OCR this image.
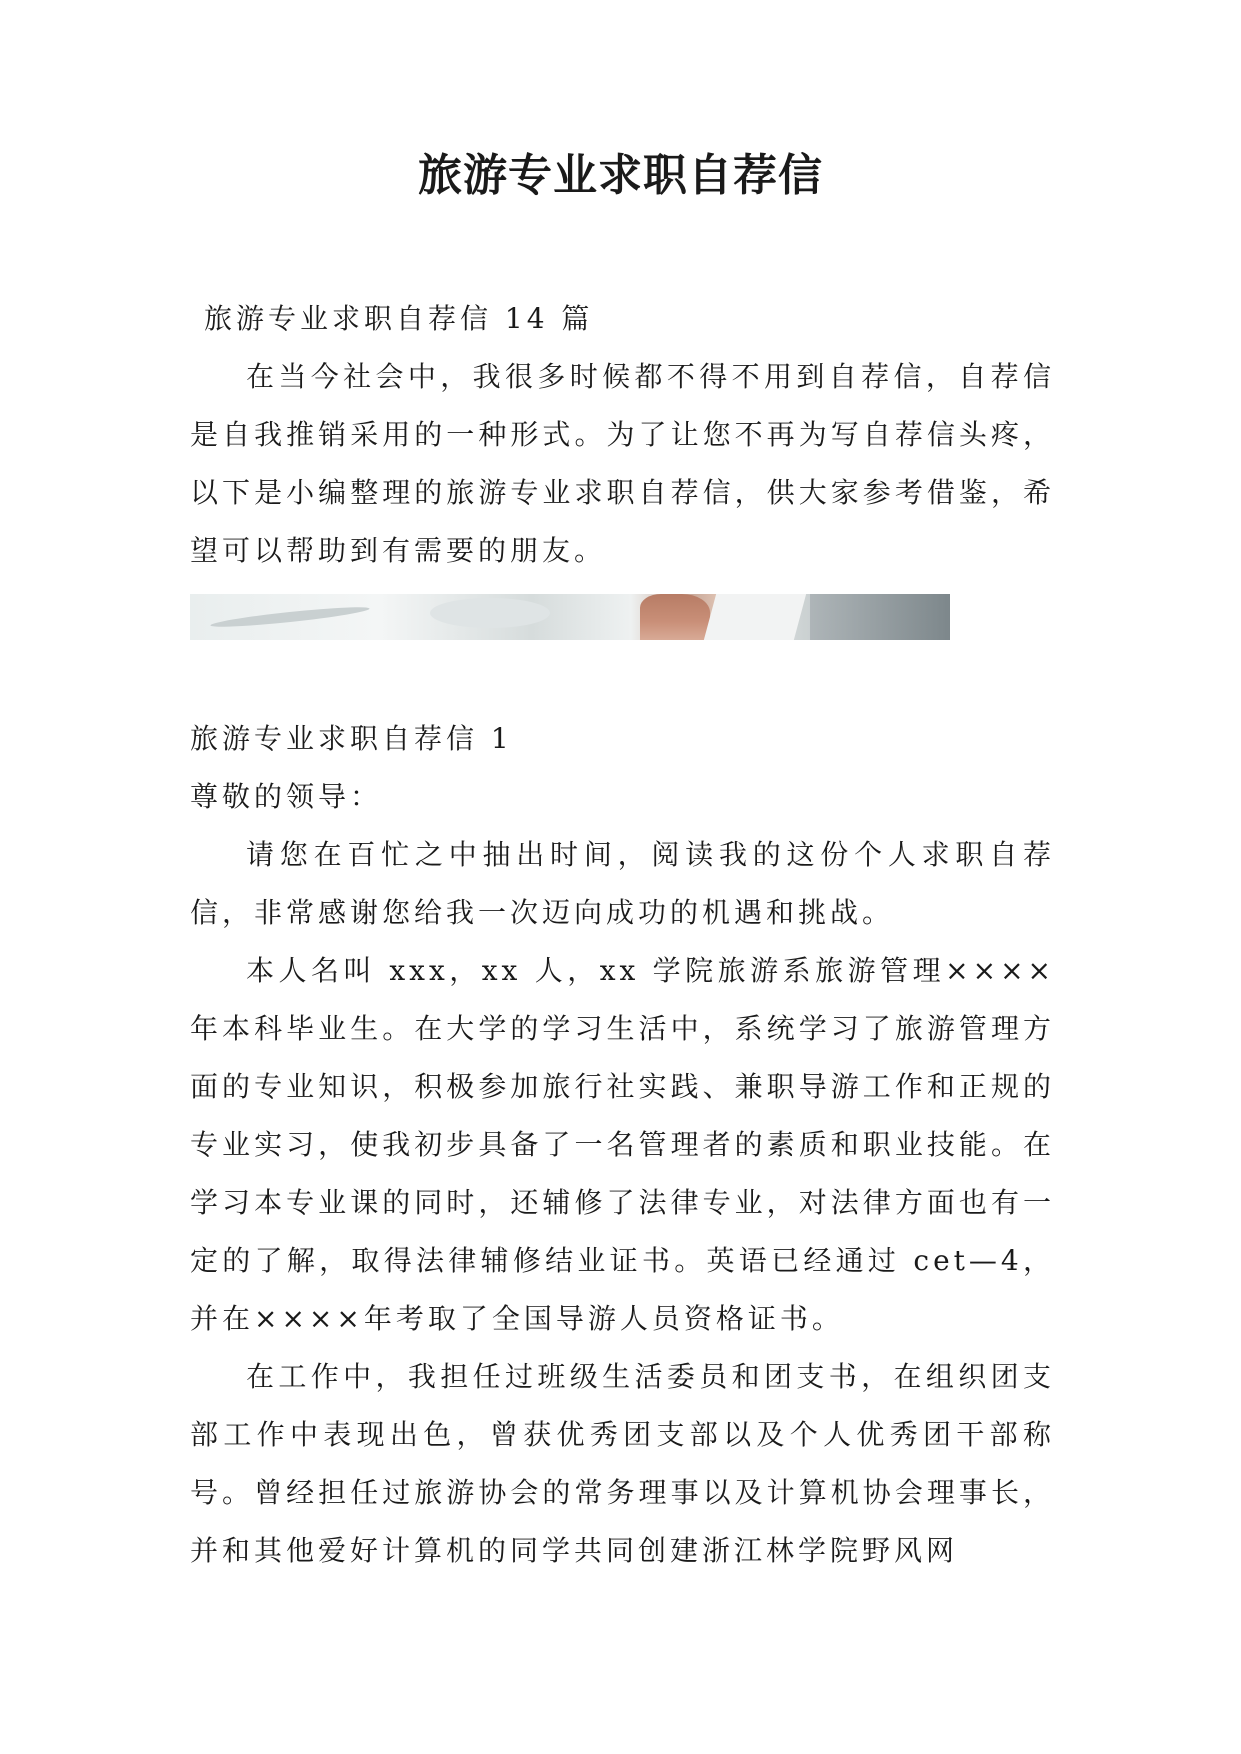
旅游专业求职自荐信

旅游专业求职自荐信 14 篇

在当今社会中，我很多时候都不得不用到自荐信，自荐信是自我推销采用的一种形式。为了让您不再为写自荐信头疼，以下是小编整理的旅游专业求职自荐信，供大家参考借鉴，希望可以帮助到有需要的朋友。

旅游专业求职自荐信 1

尊敬的领导：

请您在百忙之中抽出时间，阅读我的这份个人求职自荐信，非常感谢您给我一次迈向成功的机遇和挑战。

本人名叫 xxx，xx 人，xx 学院旅游系旅游管理××××年本科毕业生。在大学的学习生活中，系统学习了旅游管理方面的专业知识，积极参加旅行社实践、兼职导游工作和正规的专业实习，使我初步具备了一名管理者的素质和职业技能。在学习本专业课的同时，还辅修了法律专业，对法律方面也有一定的了解，取得法律辅修结业证书。英语已经通过 cet—4，并在××××年考取了全国导游人员资格证书。

在工作中，我担任过班级生活委员和团支书，在组织团支部工作中表现出色，曾获优秀团支部以及个人优秀团干部称号。曾经担任过旅游协会的常务理事以及计算机协会理事长，并和其他爱好计算机的同学共同创建浙江林学院野风网
